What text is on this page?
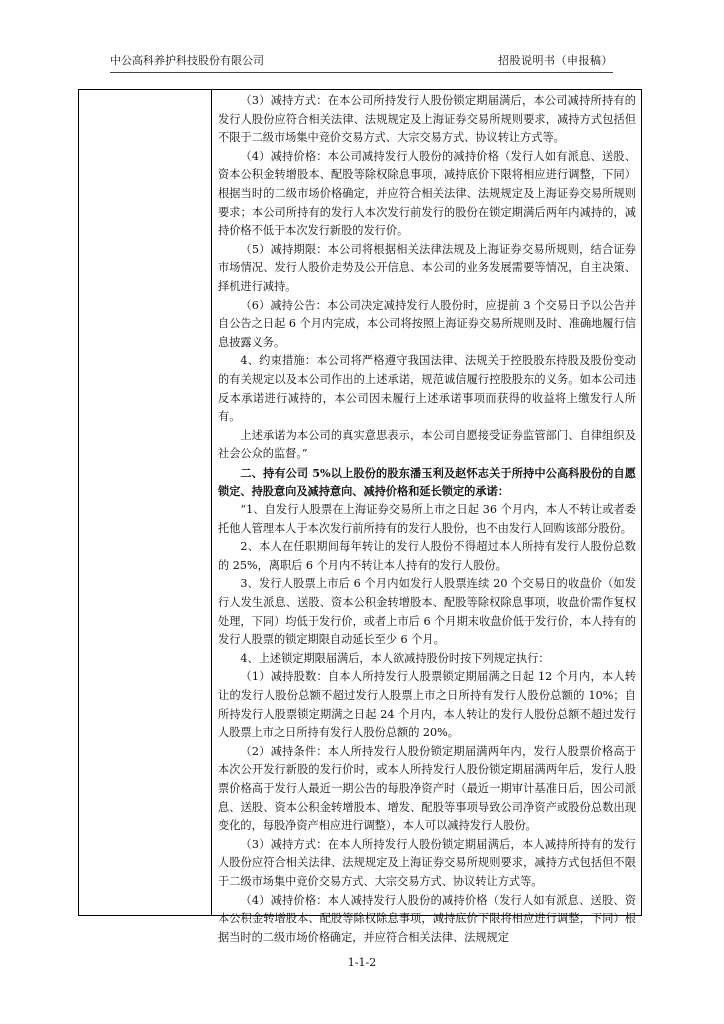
中公高科养护科技股份有限公司	招股说明书（申报稿）

（3）减持方式：在本公司所持发行人股份锁定期届满后，本公司减持所持有的发行人股份应符合相关法律、法规规定及上海证券交易所规则要求，减持方式包括但不限于二级市场集中竞价交易方式、大宗交易方式、协议转让方式等。

（4）减持价格：本公司减持发行人股份的减持价格（发行人如有派息、送股、资本公积金转增股本、配股等除权除息事项，减持底价下限将相应进行调整，下同）根据当时的二级市场价格确定，并应符合相关法律、法规规定及上海证券交易所规则要求；本公司所持有的发行人本次发行前发行的股份在锁定期满后两年内减持的，减持价格不低于本次发行新股的发行价。

（5）减持期限：本公司将根据相关法律法规及上海证券交易所规则，结合证券市场情况、发行人股价走势及公开信息、本公司的业务发展需要等情况，自主决策、择机进行减持。

（6）减持公告：本公司决定减持发行人股份时，应提前 3 个交易日予以公告并自公告之日起 6 个月内完成，本公司将按照上海证券交易所规则及时、准确地履行信息披露义务。

4、约束措施：本公司将严格遵守我国法律、法规关于控股股东持股及股份变动的有关规定以及本公司作出的上述承诺，规范诚信履行控股股东的义务。如本公司违反本承诺进行减持的，本公司因未履行上述承诺事项而获得的收益将上缴发行人所有。

上述承诺为本公司的真实意思表示，本公司自愿接受证券监管部门、自律组织及社会公众的监督。”

二、持有公司 5%以上股份的股东潘玉利及赵怀志关于所持中公高科股份的自愿锁定、持股意向及减持意向、减持价格和延长锁定的承诺：

“1、自发行人股票在上海证券交易所上市之日起 36 个月内，本人不转让或者委托他人管理本人于本次发行前所持有的发行人股份，也不由发行人回购该部分股份。

2、本人在任职期间每年转让的发行人股份不得超过本人所持有发行人股份总数的 25%，离职后 6 个月内不转让本人持有的发行人股份。

3、发行人股票上市后 6 个月内如发行人股票连续 20 个交易日的收盘价（如发行人发生派息、送股、资本公积金转增股本、配股等除权除息事项，收盘价需作复权处理，下同）均低于发行价，或者上市后 6 个月期末收盘价低于发行价，本人持有的发行人股票的锁定期限自动延长至少 6 个月。

4、上述锁定期限届满后，本人欲减持股份时按下列规定执行：

（1）减持股数：自本人所持发行人股票锁定期届满之日起 12 个月内，本人转让的发行人股份总额不超过发行人股票上市之日所持有发行人股份总额的 10%；自所持发行人股票锁定期满之日起 24 个月内，本人转让的发行人股份总额不超过发行人股票上市之日所持有发行人股份总额的 20%。

（2）减持条件：本人所持发行人股份锁定期届满两年内，发行人股票价格高于本次公开发行新股的发行价时，或本人所持发行人股份锁定期届满两年后，发行人股票价格高于发行人最近一期公告的每股净资产时（最近一期审计基准日后，因公司派息、送股、资本公积金转增股本、增发、配股等事项导致公司净资产或股份总数出现变化的，每股净资产相应进行调整），本人可以减持发行人股份。

（3）减持方式：在本人所持发行人股份锁定期届满后，本人减持所持有的发行人股份应符合相关法律、法规规定及上海证券交易所规则要求，减持方式包括但不限于二级市场集中竞价交易方式、大宗交易方式、协议转让方式等。

（4）减持价格：本人减持发行人股份的减持价格（发行人如有派息、送股、资本公积金转增股本、配股等除权除息事项，减持底价下限将相应进行调整，下同）根据当时的二级市场价格确定，并应符合相关法律、法规规定

1-1-2
